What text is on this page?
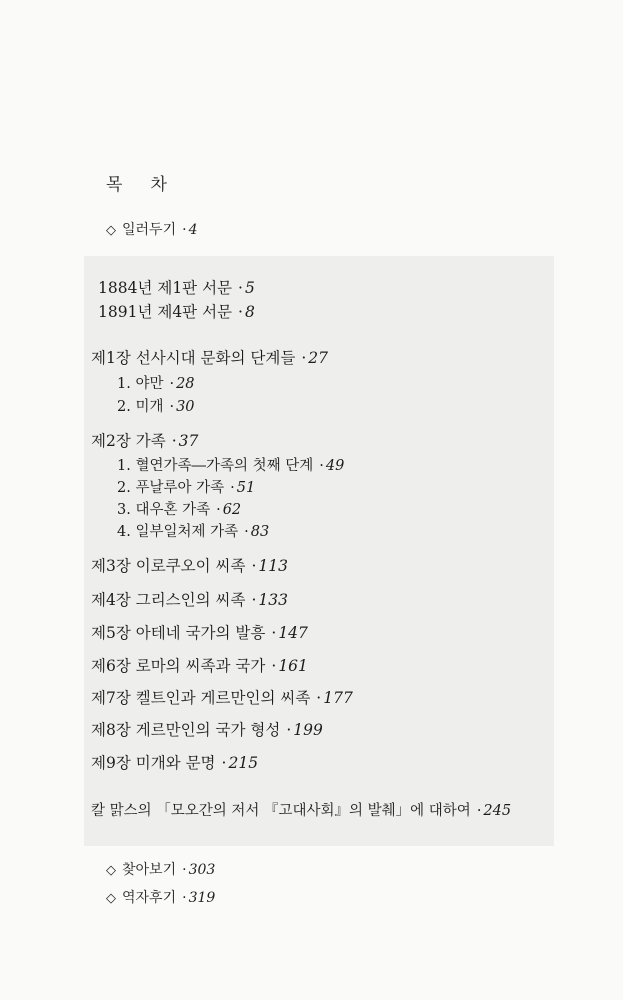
목 차
◇ 일러두기 · 4
1884년 제1판 서문 · 5
1891년 제4판 서문 · 8
제1장 선사시대 문화의 단계들 · 27
1. 야만 · 28
2. 미개 · 30
제2장 가족 · 37
1. 혈연가족―가족의 첫째 단계 · 49
2. 푸날루아 가족 · 51
3. 대우혼 가족 · 62
4. 일부일처제 가족 · 83
제3장 이로쿠오이 씨족 · 113
제4장 그리스인의 씨족 · 133
제5장 아테네 국가의 발흥 · 147
제6장 로마의 씨족과 국가 · 161
제7장 켈트인과 게르만인의 씨족 · 177
제8장 게르만인의 국가 형성 · 199
제9장 미개와 문명 · 215
칼 맑스의 「모오간의 저서 『고대사회』의 발췌」에 대하여 · 245
◇ 찾아보기 · 303
◇ 역자후기 · 319
